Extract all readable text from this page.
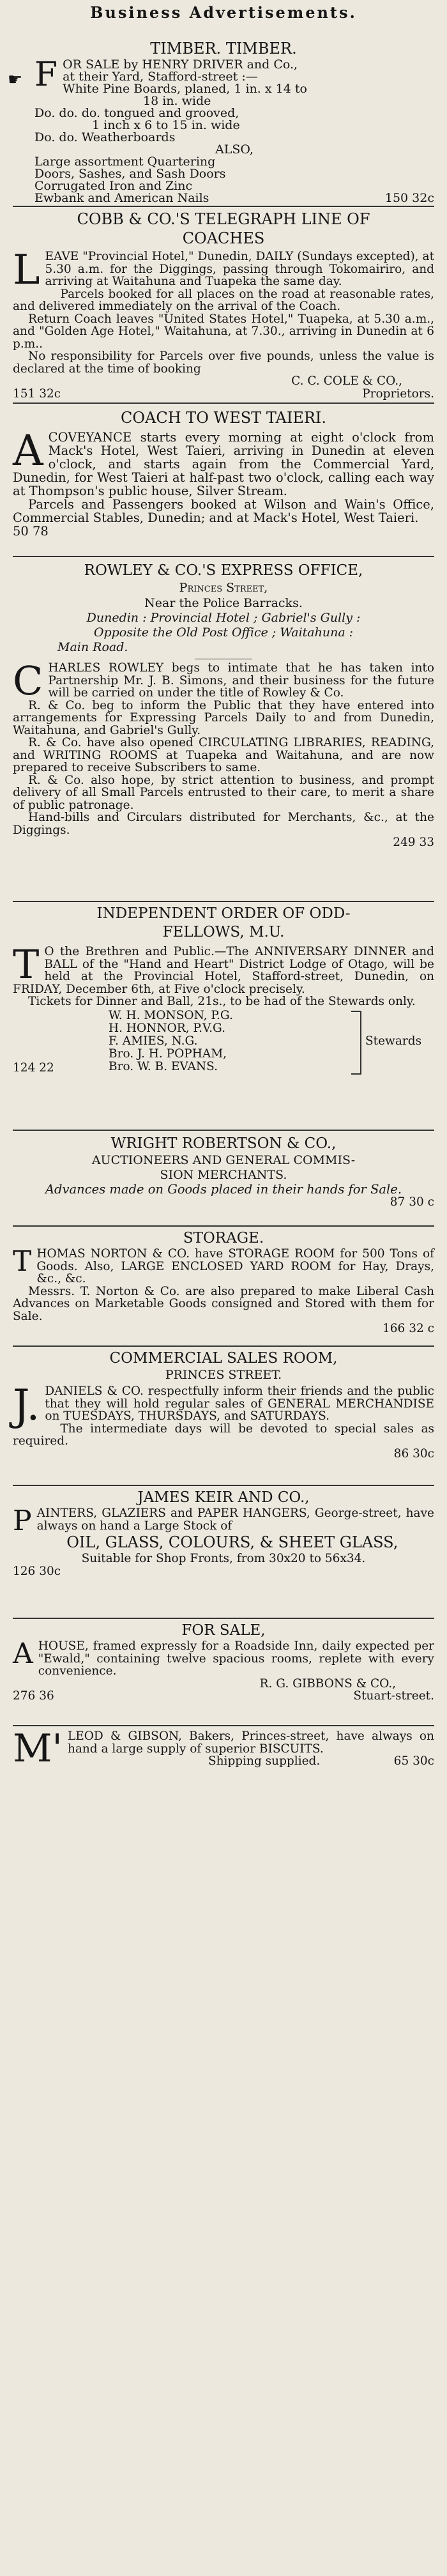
Business Advertisements.
☛

TIMBER. TIMBER.

FOR SALE by HENRY DRIVER and Co.,

at their Yard, Stafford-street :—

White Pine Boards, planed, 1 in. x 14 to

18 in. wide

Do. do. do. tongued and grooved,

1 inch x 6 to 15 in. wide

Do. do. Weatherboards

ALSO,

Large assortment Quartering

Doors, Sashes, and Sash Doors

Corrugated Iron and Zinc

Ewbank and American Nails	150 32c

COBB & CO.'S TELEGRAPH LINE OF

COACHES

LEAVE "Provincial Hotel," Dunedin, DAILY (Sundays excepted), at 5.30 a.m. for the Diggings, passing through Tokomairiro, and arriving at Waitahuna and Tuapeka the same day.

Parcels booked for all places on the road at reasonable rates, and delivered immediately on the arrival of the Coach.

Return Coach leaves "United States Hotel," Tuapeka, at 5.30 a.m., and "Golden Age Hotel," Waitahuna, at 7.30., arriving in Dunedin at 6 p.m..

No responsibility for Parcels over five pounds, unless the value is declared at the time of booking

C. C. COLE & CO.,

151 32c	Proprietors.

COACH TO WEST TAIERI.

ACOVEYANCE starts every morning at eight o'clock from Mack's Hotel, West Taieri, arriving in Dunedin at eleven o'clock, and starts again from the Commercial Yard, Dunedin, for West Taieri at half-past two o'clock, calling each way at Thompson's public house, Silver Stream.

Parcels and Passengers booked at Wilson and Wain's Office, Commercial Stables, Dunedin; and at Mack's Hotel, West Taieri.

50 78

ROWLEY & CO.'S EXPRESS OFFICE,

Princes Street,

Near the Police Barracks.

Dunedin : Provincial Hotel ; Gabriel's Gully :

Opposite the Old Post Office ; Waitahuna :

Main Road.

CHARLES ROWLEY begs to intimate that he has taken into Partnership Mr. J. B. Simons, and their business for the future will be carried on under the title of Rowley & Co.

R. & Co. beg to inform the Public that they have entered into arrangements for Expressing Parcels Daily to and from Dunedin, Waitahuna, and Gabriel's Gully.

R. & Co. have also opened CIRCULATING LIBRARIES, READING, and WRITING ROOMS at Tuapeka and Waitahuna, and are now prepared to receive Subscribers to same.

R. & Co. also hope, by strict attention to business, and prompt delivery of all Small Parcels entrusted to their care, to merit a share of public patronage.

Hand-bills and Circulars distributed for Merchants, &c., at the Diggings.

249 33

INDEPENDENT ORDER OF ODD-

FELLOWS, M.U.

T O the Brethren and Public.—The ANNIVERSARY DINNER and BALL of the "Hand and Heart" District Lodge of Otago, will be held at the Provincial Hotel, Stafford-street, Dunedin, on FRIDAY, December 6th, at Five o'clock precisely.

Tickets for Dinner and Ball, 21s., to be had of the Stewards only.

W. H. MONSON, P.G.

H. HONNOR, P.V.G.

F. AMIES, N.G.

Bro. J. H. POPHAM,

Bro. W. B. EVANS.

Stewards

124 22

WRIGHT ROBERTSON & CO.,

AUCTIONEERS AND GENERAL COMMIS-

SION MERCHANTS.

Advances made on Goods placed in their hands for Sale.

87 30 c

STORAGE.

THOMAS NORTON & CO. have STORAGE ROOM for 500 Tons of Goods. Also, LARGE ENCLOSED YARD ROOM for Hay, Drays, &c., &c.

Messrs. T. Norton & Co. are also prepared to make Liberal Cash Advances on Marketable Goods consigned and Stored with them for Sale.

166 32 c

COMMERCIAL SALES ROOM,

PRINCES STREET.

J. DANIELS & CO. respectfully inform their friends and the public that they will hold regular sales of GENERAL MERCHANDISE on TUESDAYS, THURSDAYS, and SATURDAYS.

The intermediate days will be devoted to special sales as required.

86 30c

JAMES KEIR AND CO.,

PAINTERS, GLAZIERS and PAPER HANGERS, George-street, have always on hand a Large Stock of

OIL, GLASS, COLOURS, & SHEET GLASS,

Suitable for Shop Fronts, from 30x20 to 56x34.

126 30c

FOR SALE,

AHOUSE, framed expressly for a Roadside Inn, daily expected per "Ewald," containing twelve spacious rooms, replete with every convenience.

R. G. GIBBONS & CO.,

276 36	Stuart-street.

M' LEOD & GIBSON, Bakers, Princes-street, have always on hand a large supply of superior BISCUITS.

Shipping supplied.	65 30c
